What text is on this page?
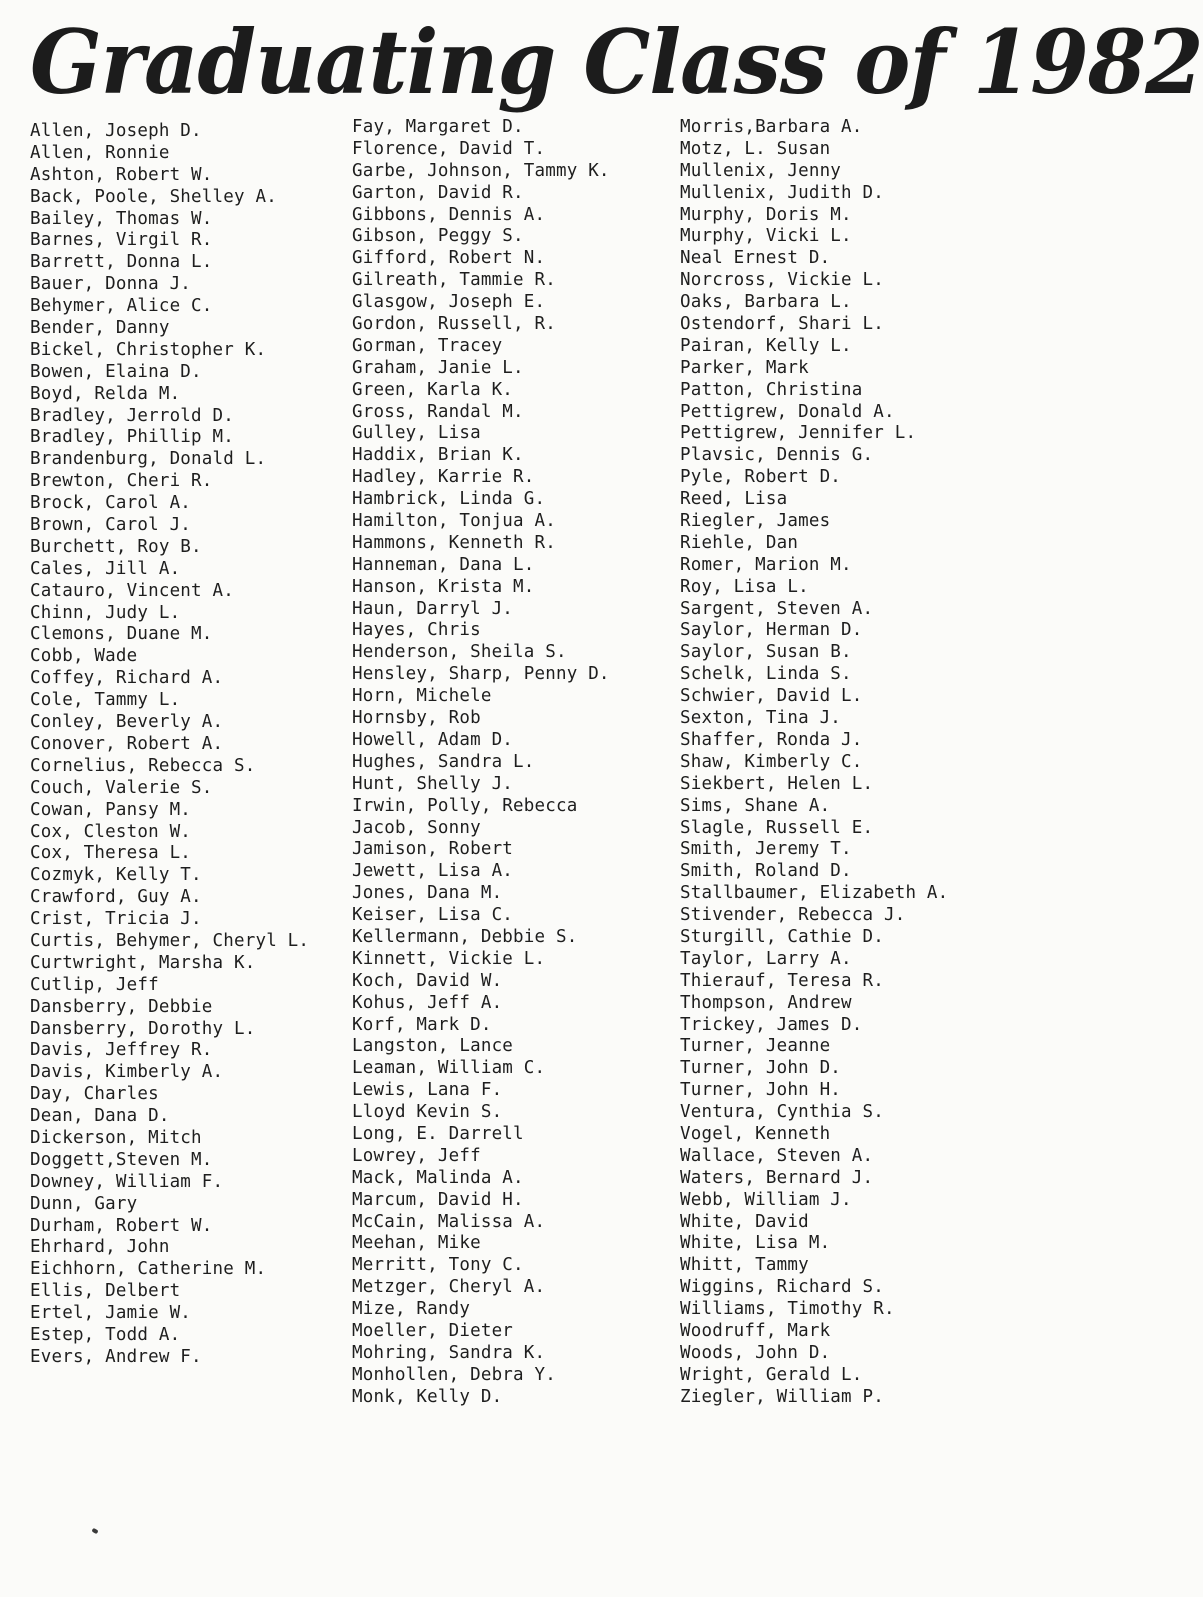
Graduating Class of 1982
Allen, Joseph D.
Allen, Ronnie
Ashton, Robert W.
Back, Poole, Shelley A.
Bailey, Thomas W.
Barnes, Virgil R.
Barrett, Donna L.
Bauer, Donna J.
Behymer, Alice C.
Bender, Danny
Bickel, Christopher K.
Bowen, Elaina D.
Boyd, Relda M.
Bradley, Jerrold D.
Bradley, Phillip M.
Brandenburg, Donald L.
Brewton, Cheri R.
Brock, Carol A.
Brown, Carol J.
Burchett, Roy B.
Cales, Jill A.
Catauro, Vincent A.
Chinn, Judy L.
Clemons, Duane M.
Cobb, Wade
Coffey, Richard A.
Cole, Tammy L.
Conley, Beverly A.
Conover, Robert A.
Cornelius, Rebecca S.
Couch, Valerie S.
Cowan, Pansy M.
Cox, Cleston W.
Cox, Theresa L.
Cozmyk, Kelly T.
Crawford, Guy A.
Crist, Tricia J.
Curtis, Behymer, Cheryl L.
Curtwright, Marsha K.
Cutlip, Jeff
Dansberry, Debbie
Dansberry, Dorothy L.
Davis, Jeffrey R.
Davis, Kimberly A.
Day, Charles
Dean, Dana D.
Dickerson, Mitch
Doggett,Steven M.
Downey, William F.
Dunn, Gary
Durham, Robert W.
Ehrhard, John
Eichhorn, Catherine M.
Ellis, Delbert
Ertel, Jamie W.
Estep, Todd A.
Evers, Andrew F.
Fay, Margaret D.
Florence, David T.
Garbe, Johnson, Tammy K.
Garton, David R.
Gibbons, Dennis A.
Gibson, Peggy S.
Gifford, Robert N.
Gilreath, Tammie R.
Glasgow, Joseph E.
Gordon, Russell, R.
Gorman, Tracey
Graham, Janie L.
Green, Karla K.
Gross, Randal M.
Gulley, Lisa
Haddix, Brian K.
Hadley, Karrie R.
Hambrick, Linda G.
Hamilton, Tonjua A.
Hammons, Kenneth R.
Hanneman, Dana L.
Hanson, Krista M.
Haun, Darryl J.
Hayes, Chris
Henderson, Sheila S.
Hensley, Sharp, Penny D.
Horn, Michele
Hornsby, Rob
Howell, Adam D.
Hughes, Sandra L.
Hunt, Shelly J.
Irwin, Polly, Rebecca
Jacob, Sonny
Jamison, Robert
Jewett, Lisa A.
Jones, Dana M.
Keiser, Lisa C.
Kellermann, Debbie S.
Kinnett, Vickie L.
Koch, David W.
Kohus, Jeff A.
Korf, Mark D.
Langston, Lance
Leaman, William C.
Lewis, Lana F.
Lloyd Kevin S.
Long, E. Darrell
Lowrey, Jeff
Mack, Malinda A.
Marcum, David H.
McCain, Malissa A.
Meehan, Mike
Merritt, Tony C.
Metzger, Cheryl A.
Mize, Randy
Moeller, Dieter
Mohring, Sandra K.
Monhollen, Debra Y.
Monk, Kelly D.
Morris,Barbara A.
Motz, L. Susan
Mullenix, Jenny
Mullenix, Judith D.
Murphy, Doris M.
Murphy, Vicki L.
Neal Ernest D.
Norcross, Vickie L.
Oaks, Barbara L.
Ostendorf, Shari L.
Pairan, Kelly L.
Parker, Mark
Patton, Christina
Pettigrew, Donald A.
Pettigrew, Jennifer L.
Plavsic, Dennis G.
Pyle, Robert D.
Reed, Lisa
Riegler, James
Riehle, Dan
Romer, Marion M.
Roy, Lisa L.
Sargent, Steven A.
Saylor, Herman D.
Saylor, Susan B.
Schelk, Linda S.
Schwier, David L.
Sexton, Tina J.
Shaffer, Ronda J.
Shaw, Kimberly C.
Siekbert, Helen L.
Sims, Shane A.
Slagle, Russell E.
Smith, Jeremy T.
Smith, Roland D.
Stallbaumer, Elizabeth A.
Stivender, Rebecca J.
Sturgill, Cathie D.
Taylor, Larry A.
Thierauf, Teresa R.
Thompson, Andrew
Trickey, James D.
Turner, Jeanne
Turner, John D.
Turner, John H.
Ventura, Cynthia S.
Vogel, Kenneth
Wallace, Steven A.
Waters, Bernard J.
Webb, William J.
White, David
White, Lisa M.
Whitt, Tammy
Wiggins, Richard S.
Williams, Timothy R.
Woodruff, Mark
Woods, John D.
Wright, Gerald L.
Ziegler, William P.
